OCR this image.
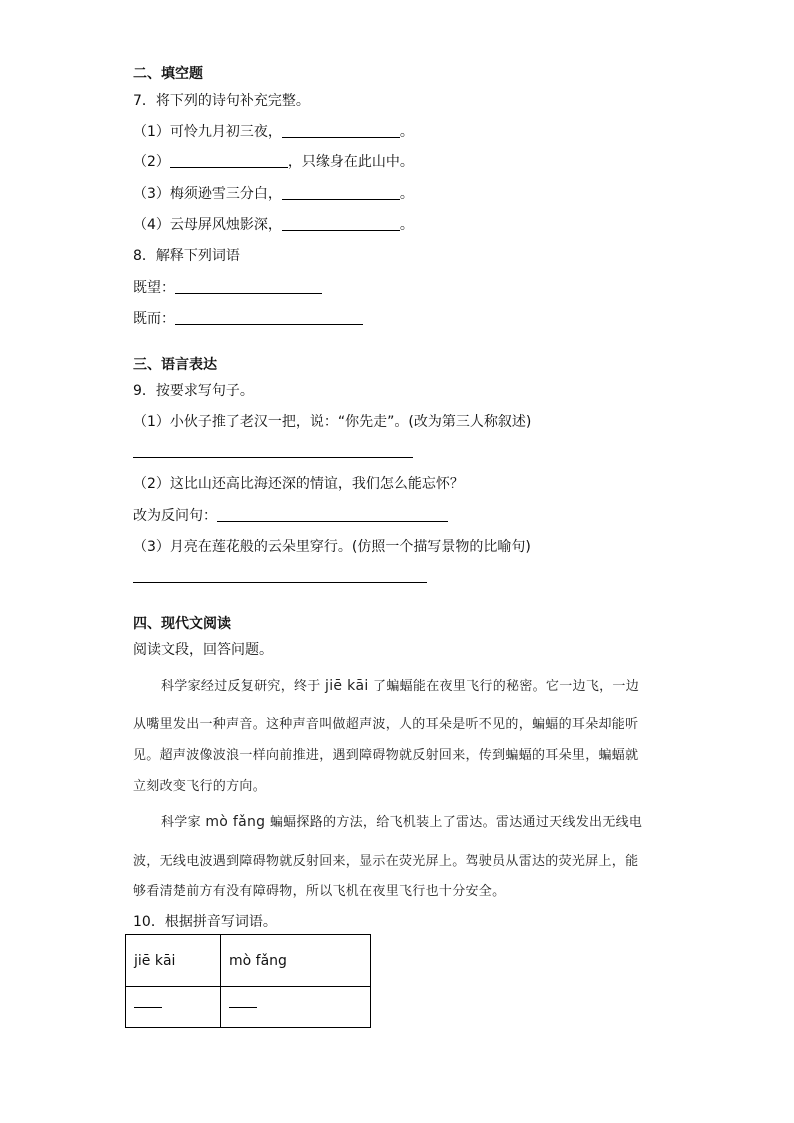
二、填空题
7．将下列的诗句补充完整。
（1）可怜九月初三夜，	。
（2）	，只缘身在此山中。
（3）梅须逊雪三分白，	。
（4）云母屏风烛影深，	。
8．解释下列词语
既望：
既而：
三、语言表达
9．按要求写句子。
（1）小伙子推了老汉一把，说：“你先走”。(改为第三人称叙述)
（2）这比山还高比海还深的情谊，我们怎么能忘怀？
改为反问句：
（3）月亮在莲花般的云朵里穿行。(仿照一个描写景物的比喻句)
四、现代文阅读
阅读文段，回答问题。
科学家经过反复研究，终于 jiē kāi 了蝙蝠能在夜里飞行的秘密。它一边飞，一边
从嘴里发出一种声音。这种声音叫做超声波，人的耳朵是听不见的，蝙蝠的耳朵却能听
见。超声波像波浪一样向前推进，遇到障碍物就反射回来，传到蝙蝠的耳朵里，蝙蝠就
立刻改变飞行的方向。
科学家 mò fǎng 蝙蝠探路的方法，给飞机装上了雷达。雷达通过天线发出无线电
波，无线电波遇到障碍物就反射回来，显示在荧光屏上。驾驶员从雷达的荧光屏上，能
够看清楚前方有没有障碍物，所以飞机在夜里飞行也十分安全。
10．根据拼音写词语。
jiē kāi	mò fǎng
